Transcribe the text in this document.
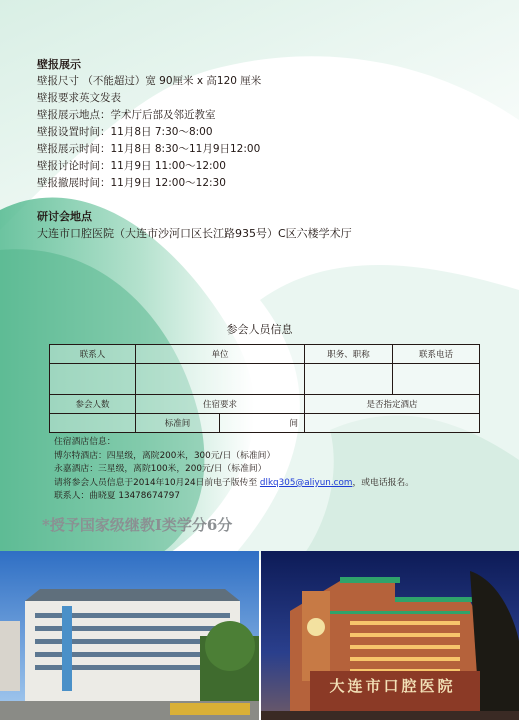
壁报展示
壁报尺寸 （不能超过）宽 90厘米 x 高120 厘米
壁报要求英文发表
壁报展示地点：学术厅后部及邻近教室
壁报设置时间：11月8日 7:30～8:00
壁报展示时间：11月8日 8:30～11月9日12:00
壁报讨论时间：11月9日 11:00～12:00
壁报撤展时间：11月9日 12:00～12:30
研讨会地点
大连市口腔医院（大连市沙河口区长江路935号）C区六楼学术厅
参会人员信息
联系人	单位		职务、职称	联系电话

参会人数	住宿要求		是否指定酒店	
	标准间	间		
住宿酒店信息：
博尔特酒店：四星级，离院200米，300元/日（标准间）
永嘉酒店：三星级，离院100米，200元/日（标准间）
请将参会人员信息于2014年10月24日前电子版传至 dlkq305@aliyun.com，或电话报名。
联系人：曲晓夏 13478674797
*授予国家级继教Ⅰ类学分6分
大连市口腔医院
